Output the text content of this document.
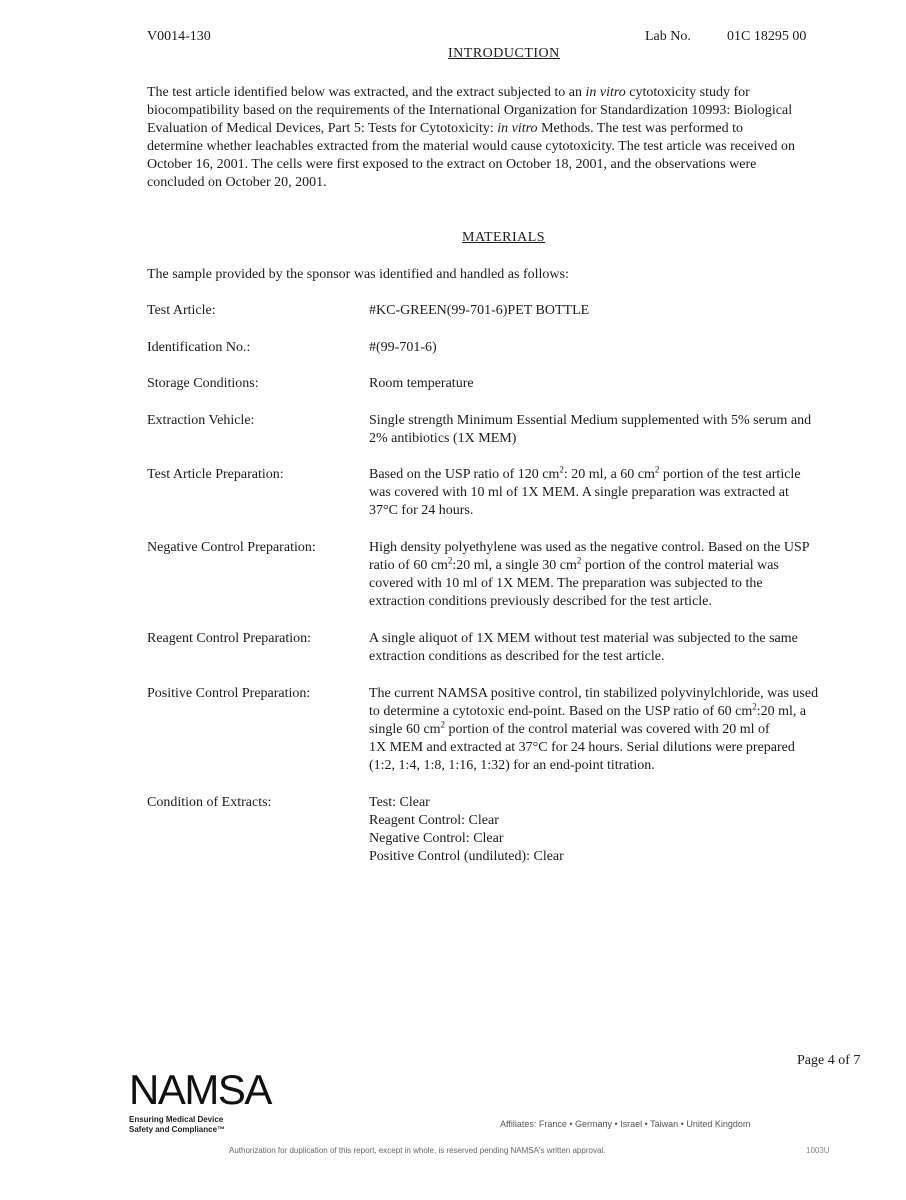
V0014-130	Lab No.	01C 18295 00
INTRODUCTION
The test article identified below was extracted, and the extract subjected to an in vitro cytotoxicity study for
biocompatibility based on the requirements of the International Organization for Standardization 10993: Biological
Evaluation of Medical Devices, Part 5: Tests for Cytotoxicity: in vitro Methods. The test was performed to
determine whether leachables extracted from the material would cause cytotoxicity. The test article was received on
October 16, 2001. The cells were first exposed to the extract on October 18, 2001, and the observations were
concluded on October 20, 2001.
MATERIALS
The sample provided by the sponsor was identified and handled as follows:
Test Article:	#KC-GREEN(99-701-6)PET BOTTLE
Identification No.:	#(99-701-6)
Storage Conditions:	Room temperature
Extraction Vehicle:	Single strength Minimum Essential Medium supplemented with 5% serum and
2% antibiotics (1X MEM)
Test Article Preparation:	Based on the USP ratio of 120 $cm^2$: 20 ml, a 60 $cm^2$ portion of the test article
was covered with 10 ml of 1X MEM. A single preparation was extracted at
37°C for 24 hours.
Negative Control Preparation:	High density polyethylene was used as the negative control. Based on the USP
ratio of 60 $cm^2:20$ ml, a single 30 $cm^2$ portion of the control material was
covered with 10 ml of 1X MEM. The preparation was subjected to the
extraction conditions previously described for the test article.
Reagent Control Preparation:	A single aliquot of 1X MEM without test material was subjected to the same
extraction conditions as described for the test article.
Positive Control Preparation:	The current NAMSA positive control, tin stabilized polyvinylchloride, was used
to determine a cytotoxic end-point. Based on the USP ratio of 60 $cm^2:20$ ml, a
single 60 $cm^2$ portion of the control material was covered with 20 ml of
1X MEM and extracted at 37°C for 24 hours. Serial dilutions were prepared
(1:2, 1:4, 1:8, 1:16, 1:32) for an end-point titration.
Condition of Extracts:	Test: Clear
Reagent Control: Clear
Negative Control: Clear
Positive Control (undiluted): Clear
Page 4 of 7
NAMSA
Ensuring Medical Device
Safety and Compliance™
Affiliates: France • Germany • Israel • Taiwan • United Kingdom
Authorization for duplication of this report, except in whole, is reserved pending NAMSA's written approval.	1003U
